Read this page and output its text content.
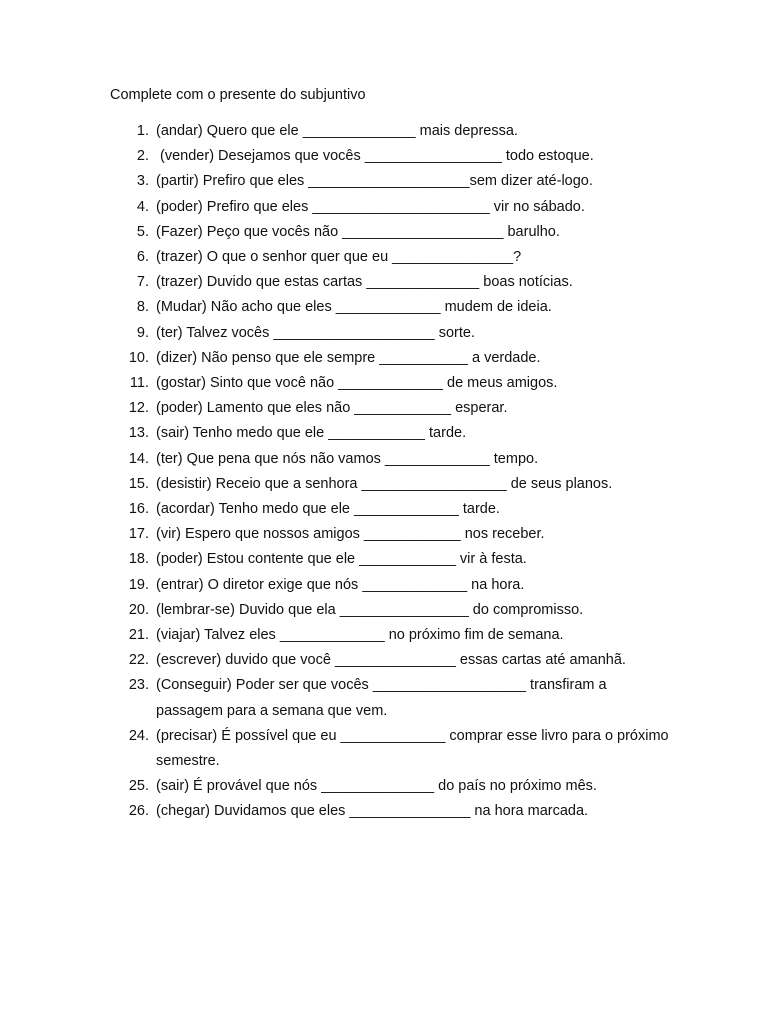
Complete com o presente do subjuntivo
1. (andar) Quero que ele ______________ mais depressa.
2. (vender) Desejamos que vocês _________________ todo estoque.
3. (partir) Prefiro que eles ____________________sem dizer até-logo.
4. (poder) Prefiro que eles ______________________ vir no sábado.
5. (Fazer) Peço que vocês não ____________________ barulho.
6. (trazer) O que o senhor quer que eu _______________?
7. (trazer) Duvido que estas cartas ______________ boas notícias.
8. (Mudar) Não acho que eles _____________ mudem de ideia.
9. (ter) Talvez vocês ____________________ sorte.
10. (dizer) Não penso que ele sempre ___________ a verdade.
11. (gostar) Sinto que você não _____________ de meus amigos.
12. (poder) Lamento que eles não ____________ esperar.
13. (sair) Tenho medo que ele ____________ tarde.
14. (ter) Que pena que nós não vamos _____________ tempo.
15. (desistir) Receio que a senhora __________________ de seus planos.
16. (acordar) Tenho medo que ele _____________ tarde.
17. (vir) Espero que nossos amigos ____________ nos receber.
18. (poder) Estou contente que ele ____________ vir à festa.
19. (entrar) O diretor exige que nós _____________ na hora.
20. (lembrar-se) Duvido que ela ________________ do compromisso.
21. (viajar) Talvez eles _____________ no próximo fim de semana.
22. (escrever) duvido que você _______________ essas cartas até amanhã.
23. (Conseguir) Poder ser que vocês ___________________ transfiram a passagem para a semana que vem.
24. (precisar) É possível que eu _____________ comprar esse livro para o próximo semestre.
25. (sair) É provável que nós ______________ do país no próximo mês.
26. (chegar) Duvidamos que eles _______________ na hora marcada.
